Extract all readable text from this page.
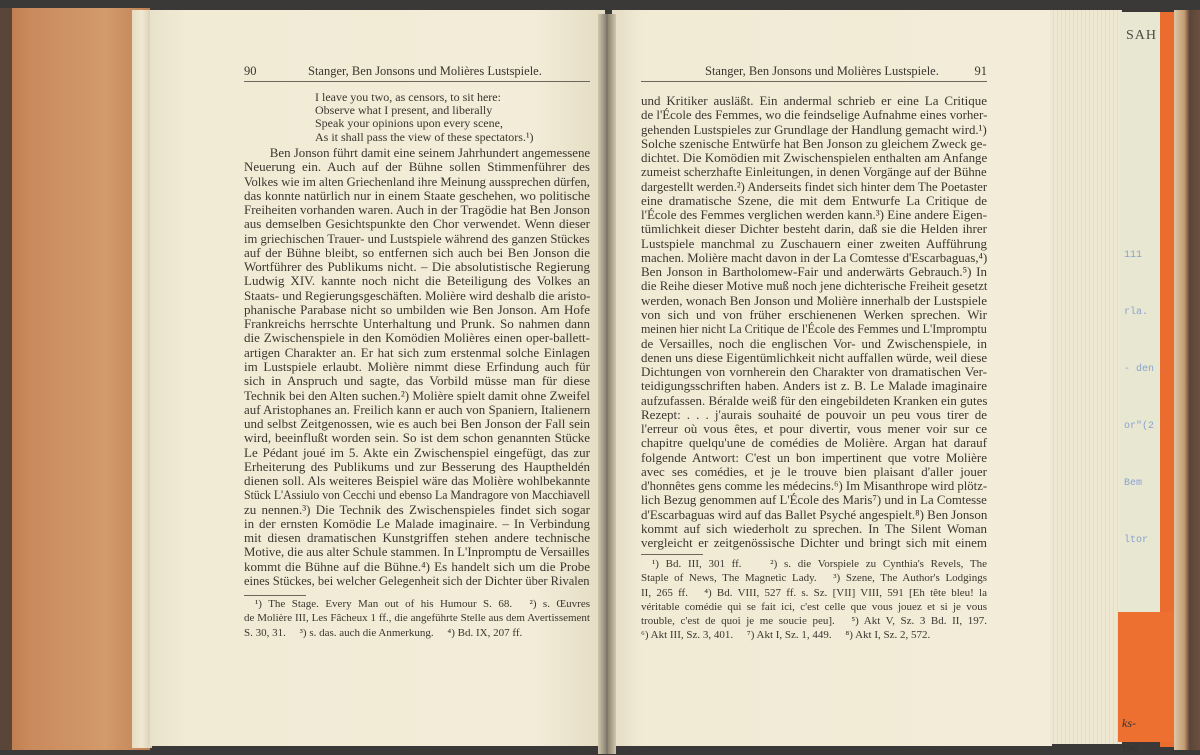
SAH

111

rla.

- den

or"(2

Bem

ltor

ks-
190
90	Stanger, Ben Jonsons und Molières Lustspiele.
I leave you two, as censors, to sit here:
Observe what I present, and liberally
Speak your opinions upon every scene,
As it shall pass the view of these spectators.¹)
  Ben Jonson führt damit eine seinem Jahrhundert angemessene
Neuerung ein. Auch auf der Bühne sollen Stimmenführer des
Volkes wie im alten Griechenland ihre Meinung aussprechen dürfen,
das konnte natürlich nur in einem Staate geschehen, wo politische
Freiheiten vorhanden waren. Auch in der Tragödie hat Ben Jonson
aus demselben Gesichtspunkte den Chor verwendet. Wenn dieser
im griechischen Trauer- und Lustspiele während des ganzen Stückes
auf der Bühne bleibt, so entfernen sich auch bei Ben Jonson die
Wortführer des Publikums nicht. – Die absolutistische Regierung
Ludwig XIV. kannte noch nicht die Beteiligung des Volkes an
Staats- und Regierungsgeschäften. Molière wird deshalb die aristo-
phanische Parabase nicht so umbilden wie Ben Jonson. Am Hofe
Frankreichs herrschte Unterhaltung und Prunk. So nahmen dann
die Zwischenspiele in den Komödien Molières einen oper-ballett-
artigen Charakter an. Er hat sich zum erstenmal solche Einlagen
im Lustspiele erlaubt. Molière nimmt diese Erfindung auch für
sich in Anspruch und sagte, das Vorbild müsse man für diese
Technik bei den Alten suchen.²) Molière spielt damit ohne Zweifel
auf Aristophanes an. Freilich kann er auch von Spaniern, Italienern
und selbst Zeitgenossen, wie es auch bei Ben Jonson der Fall sein
wird, beeinflußt worden sein. So ist dem schon genannten Stücke
Le Pédant joué im 5. Akte ein Zwischenspiel eingefügt, das zur
Erheiterung des Publikums und zur Besserung des Hauptheldén
dienen soll. Als weiteres Beispiel wäre das Molière wohlbekannte
Stück L'Assiulo von Cecchi und ebenso La Mandragore von Macchiavell
zu nennen.³) Die Technik des Zwischenspieles findet sich sogar
in der ernsten Komödie Le Malade imaginaire. – In Verbindung
mit diesen dramatischen Kunstgriffen stehen andere technische
Motive, die aus alter Schule stammen. In L'Inpromptu de Versailles
kommt die Bühne auf die Bühne.⁴) Es handelt sich um die Probe
eines Stückes, bei welcher Gelegenheit sich der Dichter über Rivalen
 ¹) The Stage. Every Man out of his Humour S. 68.  ²) s. Œuvres
de Molière III, Les Fâcheux 1 ff., die angeführte Stelle aus dem Avertissement
S. 30, 31.  ³) s. das. auch die Anmerkung.  ⁴) Bd. IX, 207 ff.
Stanger, Ben Jonsons und Molières Lustspiele.	91
und Kritiker ausläßt. Ein andermal schrieb er eine La Critique
de l'École des Femmes, wo die feindselige Aufnahme eines vorher-
gehenden Lustspieles zur Grundlage der Handlung gemacht wird.¹)
Solche szenische Entwürfe hat Ben Jonson zu gleichem Zweck ge-
dichtet. Die Komödien mit Zwischenspielen enthalten am Anfange
zumeist scherzhafte Einleitungen, in denen Vorgänge auf der Bühne
dargestellt werden.²) Anderseits findet sich hinter dem The Poetaster
eine dramatische Szene, die mit dem Entwurfe La Critique de
l'École des Femmes verglichen werden kann.³) Eine andere Eigen-
tümlichkeit dieser Dichter besteht darin, daß sie die Helden ihrer
Lustspiele manchmal zu Zuschauern einer zweiten Aufführung
machen. Molière macht davon in der La Comtesse d'Escarbaguas,⁴)
Ben Jonson in Bartholomew-Fair und anderwärts Gebrauch.⁵) In
die Reihe dieser Motive muß noch jene dichterische Freiheit gesetzt
werden, wonach Ben Jonson und Molière innerhalb der Lustspiele
von sich und von früher erschienenen Werken sprechen. Wir
meinen hier nicht La Critique de l'École des Femmes und L'Impromptu
de Versailles, noch die englischen Vor- und Zwischenspiele, in
denen uns diese Eigentümlichkeit nicht auffallen würde, weil diese
Dichtungen von vornherein den Charakter von dramatischen Ver-
teidigungsschriften haben. Anders ist z. B. Le Malade imaginaire
aufzufassen. Béralde weiß für den eingebildeten Kranken ein gutes
Rezept: . . . j'aurais souhaité de pouvoir un peu vous tirer de
l'erreur où vous êtes, et pour divertir, vous mener voir sur ce
chapitre quelqu'une de comédies de Molière. Argan hat darauf
folgende Antwort: C'est un bon impertinent que votre Molière
avec ses comédies, et je le trouve bien plaisant d'aller jouer
d'honnêtes gens comme les médecins.⁶) Im Misanthrope wird plötz-
lich Bezug genommen auf L'École des Maris⁷) und in La Comtesse
d'Escarbaguas wird auf das Ballet Psyché angespielt.⁸) Ben Jonson
kommt auf sich wiederholt zu sprechen. In The Silent Woman
vergleicht er zeitgenössische Dichter und bringt sich mit einem
 ¹) Bd. III, 301 ff.   ²) s. die Vorspiele zu Cynthia's Revels, The
Staple of News, The Magnetic Lady.  ³) Szene, The Author's Lodgings
II, 265 ff.  ⁴) Bd. VIII, 527 ff. s. Sz. [VII] VIII, 591 [Eh tête bleu! la
véritable comédie qui se fait ici, c'est celle que vous jouez et si je vous
trouble, c'est de quoi je me soucie peu].  ⁵) Akt V, Sz. 3 Bd. II, 197.
⁶) Akt III, Sz. 3, 401.  ⁷) Akt I, Sz. 1, 449.  ⁸) Akt I, Sz. 2, 572.
